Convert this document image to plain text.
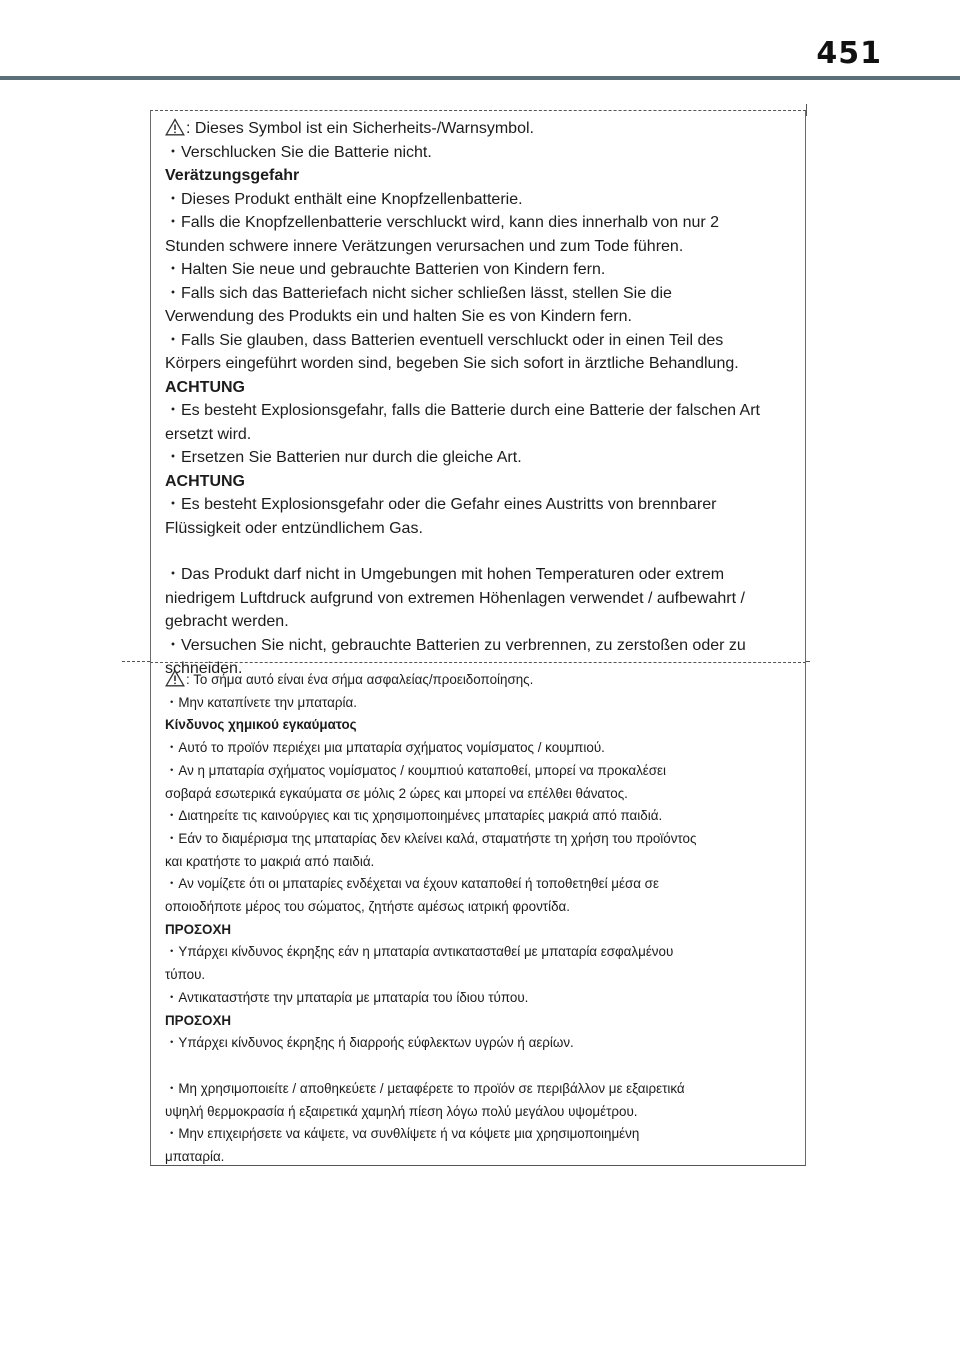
451
: Dieses Symbol ist ein Sicherheits-/Warnsymbol.
・Verschlucken Sie die Batterie nicht.
Verätzungsgefahr
・Dieses Produkt enthält eine Knopfzellenbatterie.
・Falls die Knopfzellenbatterie verschluckt wird, kann dies innerhalb von nur 2
Stunden schwere innere Verätzungen verursachen und zum Tode führen.
・Halten Sie neue und gebrauchte Batterien von Kindern fern.
・Falls sich das Batteriefach nicht sicher schließen lässt, stellen Sie die
Verwendung des Produkts ein und halten Sie es von Kindern fern.
・Falls Sie glauben, dass Batterien eventuell verschluckt oder in einen Teil des
Körpers eingeführt worden sind, begeben Sie sich sofort in ärztliche Behandlung.
ACHTUNG
・Es besteht Explosionsgefahr, falls die Batterie durch eine Batterie der falschen Art
ersetzt wird.
・Ersetzen Sie Batterien nur durch die gleiche Art.
ACHTUNG
・Es besteht Explosionsgefahr oder die Gefahr eines Austritts von brennbarer
Flüssigkeit oder entzündlichem Gas.
・Das Produkt darf nicht in Umgebungen mit hohen Temperaturen oder extrem
niedrigem Luftdruck aufgrund von extremen Höhenlagen verwendet / aufbewahrt /
gebracht werden.
・Versuchen Sie nicht, gebrauchte Batterien zu verbrennen, zu zerstoßen oder zu
schneiden.
: Το σήμα αυτό είναι ένα σήμα ασφαλείας/προειδοποίησης.
・Μην καταπίνετε την μπαταρία.
Κίνδυνος χημικού εγκαύματος
・Αυτό το προϊόν περιέχει μια μπαταρία σχήματος νομίσματος / κουμπιού.
・Αν η μπαταρία σχήματος νομίσματος / κουμπιού καταποθεί, μπορεί να προκαλέσει
σοβαρά εσωτερικά εγκαύματα σε μόλις 2 ώρες και μπορεί να επέλθει θάνατος.
・Διατηρείτε τις καινούργιες και τις χρησιμοποιημένες μπαταρίες μακριά από παιδιά.
・Εάν το διαμέρισμα της μπαταρίας δεν κλείνει καλά, σταματήστε τη χρήση του προϊόντος
και κρατήστε το μακριά από παιδιά.
・Αν νομίζετε ότι οι μπαταρίες ενδέχεται να έχουν καταποθεί ή τοποθετηθεί μέσα σε
οποιοδήποτε μέρος του σώματος, ζητήστε αμέσως ιατρική φροντίδα.
ΠΡΟΣΟΧΗ
・Υπάρχει κίνδυνος έκρηξης εάν η μπαταρία αντικατασταθεί με μπαταρία εσφαλμένου
τύπου.
・Αντικαταστήστε την μπαταρία με μπαταρία του ίδιου τύπου.
ΠΡΟΣΟΧΗ
・Υπάρχει κίνδυνος έκρηξης ή διαρροής εύφλεκτων υγρών ή αερίων.
・Μη χρησιμοποιείτε / αποθηκεύετε / μεταφέρετε το προϊόν σε περιβάλλον με εξαιρετικά
υψηλή θερμοκρασία ή εξαιρετικά χαμηλή πίεση λόγω πολύ μεγάλου υψομέτρου.
・Μην επιχειρήσετε να κάψετε, να συνθλίψετε ή να κόψετε μια χρησιμοποιημένη
μπαταρία.
